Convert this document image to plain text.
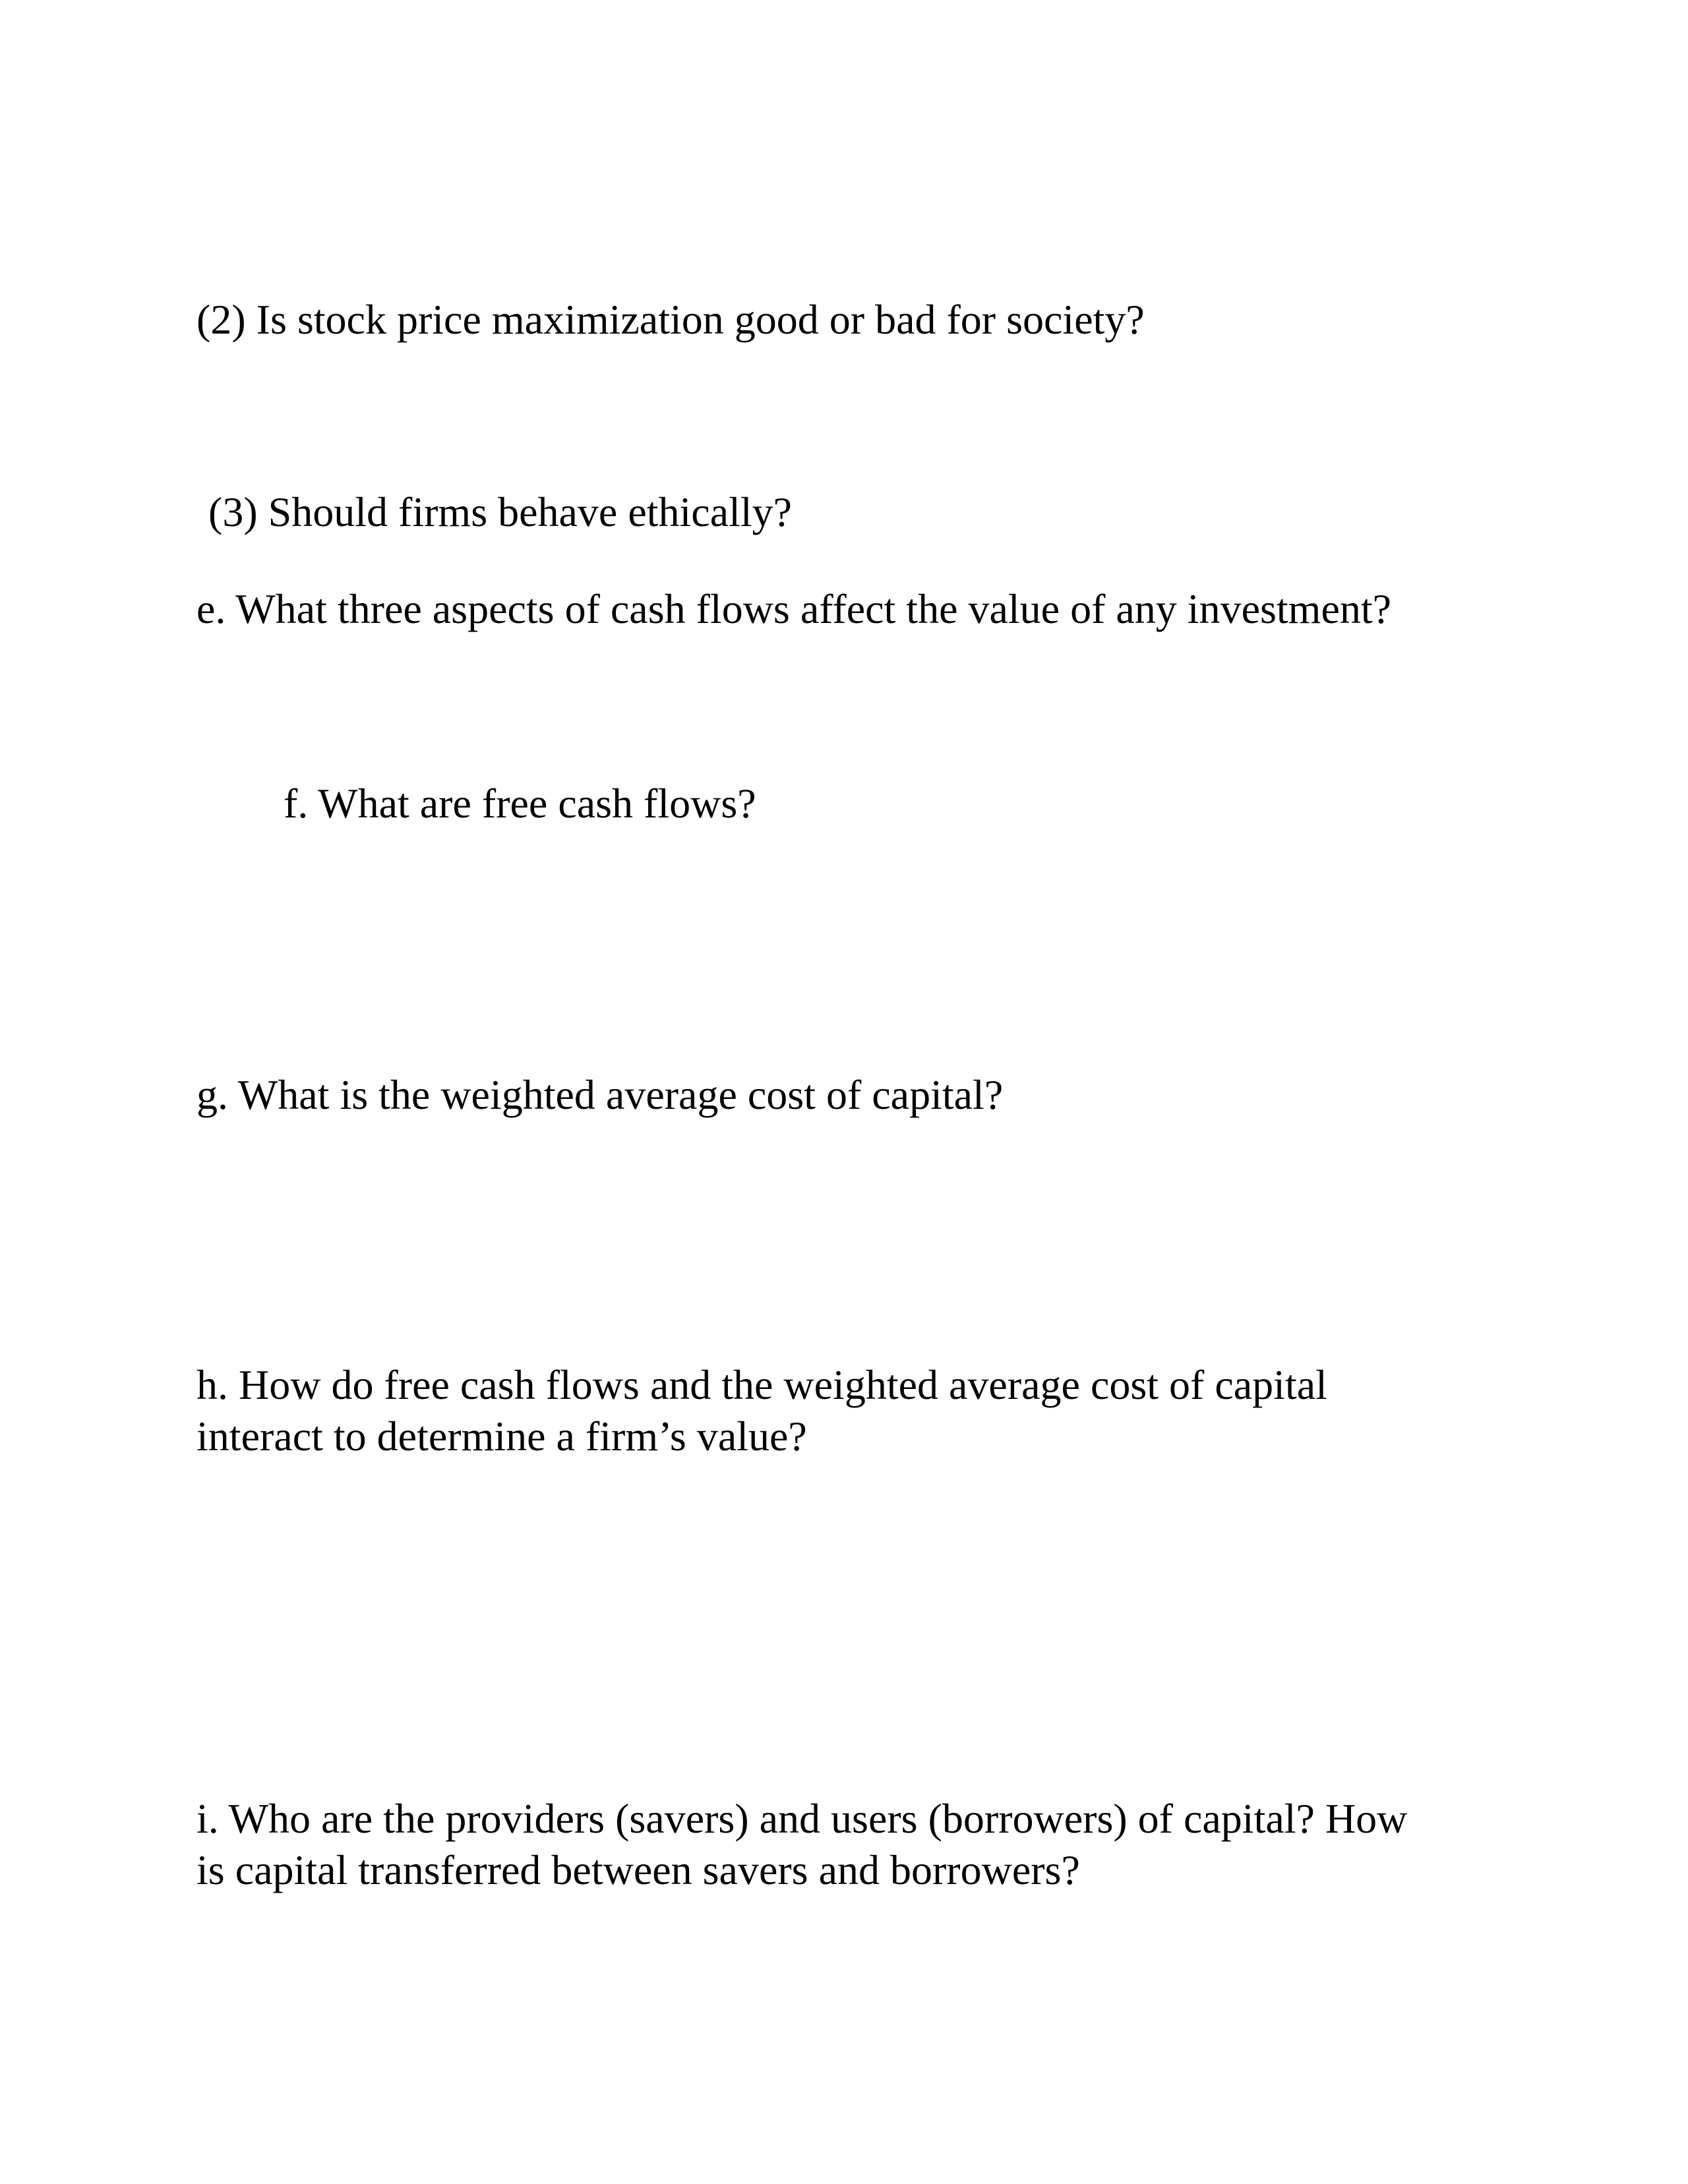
(2) Is stock price maximization good or bad for society?

(3) Should firms behave ethically?

e. What three aspects of cash flows affect the value of any investment?

f. What are free cash flows?

g. What is the weighted average cost of capital?

h. How do free cash flows and the weighted average cost of capital

interact to determine a firm’s value?

i. Who are the providers (savers) and users (borrowers) of capital? How

is capital transferred between savers and borrowers?
